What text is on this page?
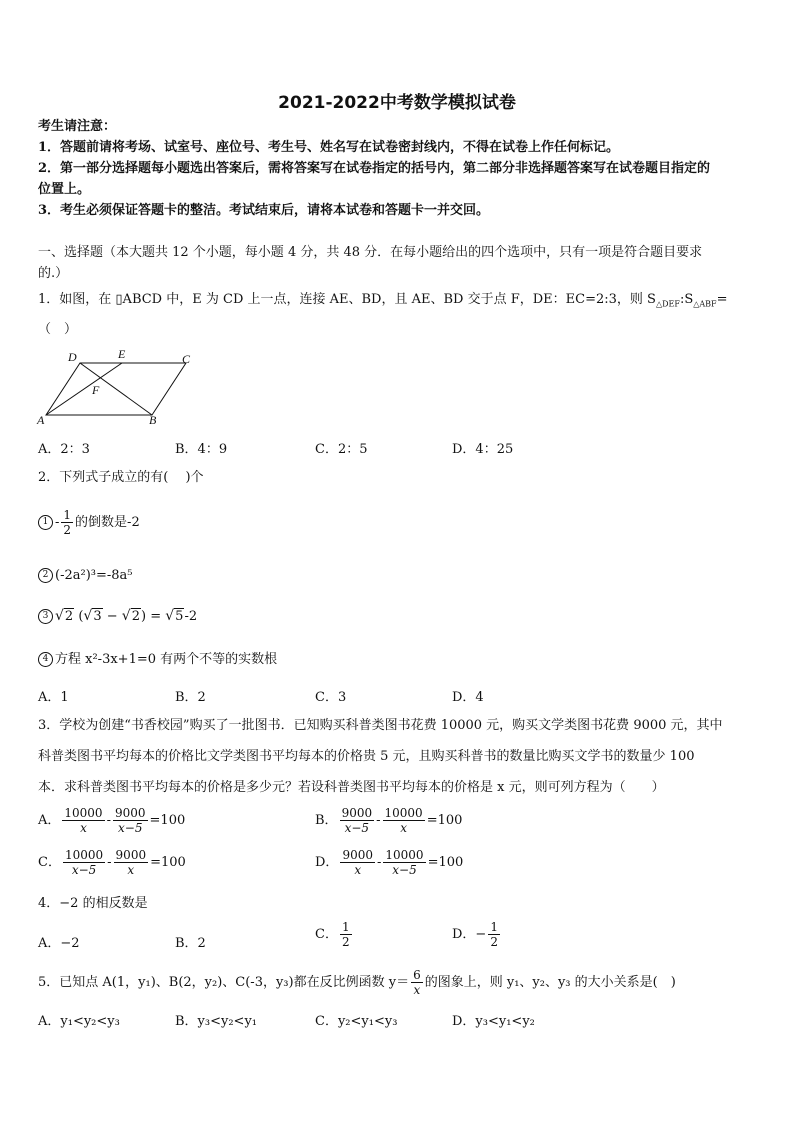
2021-2022中考数学模拟试卷
考生请注意：
1．答题前请将考场、试室号、座位号、考生号、姓名写在试卷密封线内，不得在试卷上作任何标记。
2．第一部分选择题每小题选出答案后，需将答案写在试卷指定的括号内，第二部分非选择题答案写在试卷题目指定的
位置上。
3．考生必须保证答题卡的整洁。考试结束后，请将本试卷和答题卡一并交回。
一、选择题（本大题共 12 个小题，每小题 4 分，共 48 分．在每小题给出的四个选项中，只有一项是符合题目要求
的.）
1．如图，在 ▯ABCD 中，E 为 CD 上一点，连接 AE、BD，且 AE、BD 交于点 F，DE：EC=2:3，则 $S_{\triangle DEF}:S_{\triangle ABF}=$
（　）
D	E	C
F
A	B
A．2：3	B．4：9	C．2：5	D．4：25
2．下列式子成立的有(　 )个
$1 - \frac{1}{2}$ 的倒数是-2
2 (-2a²)³=-8a⁵
3 √2 (√3 − √2) = √5-2
4 方程 x²-3x+1=0 有两个不等的实数根
A．1	B．2	C．3	D．4
3．学校为创建“书香校园”购买了一批图书．已知购买科普类图书花费 10000 元，购买文学类图书花费 9000 元，其中
科普类图书平均每本的价格比文学类图书平均每本的价格贵 5 元，且购买科普书的数量比购买文学书的数量少 100
本．求科普类图书平均每本的价格是多少元？若设科普类图书平均每本的价格是 x 元，则可列方程为（　　）
A． $\frac{10000}{x} - \frac{9000}{x-5} =100$	B． $\frac{9000}{x-5} - \frac{10000}{x} =100$
C． $\frac{10000}{x-5} - \frac{9000}{x} =100$	D． $\frac{9000}{x} - \frac{10000}{x-5} =100$
4．−2 的相反数是
A．−2	B．2
C． $\frac{1}{2}$	D．− $\frac{1}{2}$
5．已知点 A(1，y₁)、B(2，y₂)、C(-3，y₃)都在反比例函数 $y= \frac{6}{x}$ 的图象上，则 y₁、y₂、y₃ 的大小关系是(　)
A．y₁<y₂<y₃	B．y₃<y₂<y₁	C．y₂<y₁<y₃	D．y₃<y₁<y₂
